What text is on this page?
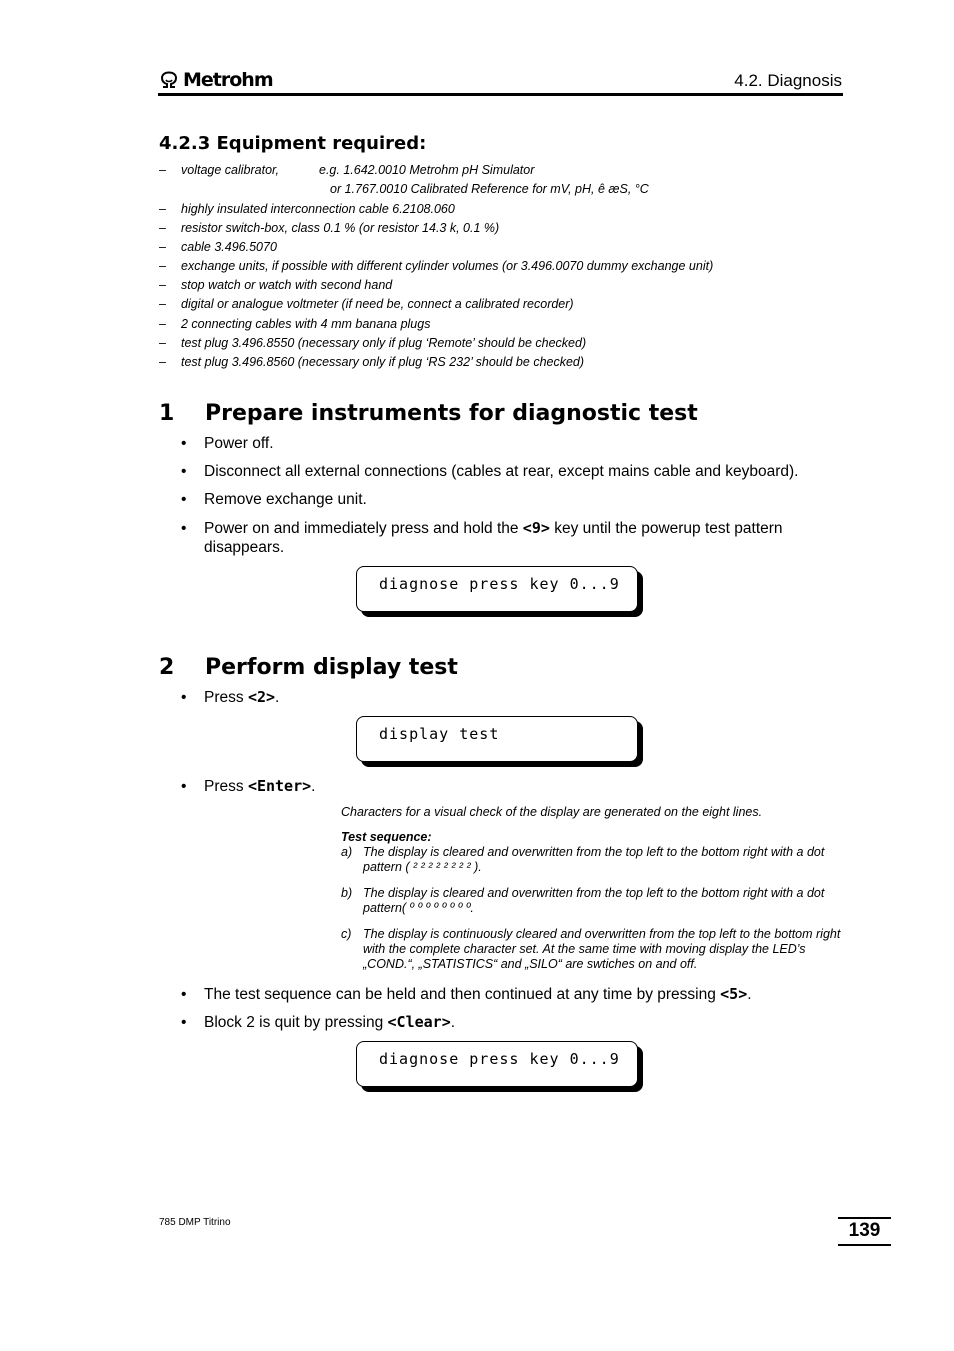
Metrohm	4.2. Diagnosis
4.2.3 Equipment required:
– voltage calibrator,	e.g. 1.642.0010 Metrohm pH Simulator
or 1.767.0010 Calibrated Reference for mV, pH, ê æS, °C
– highly insulated interconnection cable 6.2108.060
– resistor switch-box, class 0.1 % (or resistor 14.3 k, 0.1 %)
– cable 3.496.5070
– exchange units, if possible with different cylinder volumes (or 3.496.0070 dummy exchange unit)
– stop watch or watch with second hand
– digital or analogue voltmeter (if need be, connect a calibrated recorder)
– 2 connecting cables with 4 mm banana plugs
– test plug 3.496.8550 (necessary only if plug ‘Remote’ should be checked)
– test plug 3.496.8560 (necessary only if plug ‘RS 232’ should be checked)
1 Prepare instruments for diagnostic test
• Power off.
• Disconnect all external connections (cables at rear, except mains cable and keyboard).
• Remove exchange unit.
• Power on and immediately press and hold the <9> key until the powerup test pattern disappears.
diagnose press key 0...9
2 Perform display test
• Press <2>.
display test
• Press <Enter>.
Characters for a visual check of the display are generated on the eight lines.
Test sequence:
a) The display is cleared and overwritten from the top left to the bottom right with a dot pattern ( ² ² ² ² ² ² ² ² ).
b) The display is cleared and overwritten from the top left to the bottom right with a dot pattern( º º º º º º º º.
c) The display is continuously cleared and overwritten from the top left to the bottom right with the complete character set. At the same time with moving display the LED’s „COND.“, „STATISTICS“ and „SILO“ are swtiches on and off.
• The test sequence can be held and then continued at any time by pressing <5>.
• Block 2 is quit by pressing <Clear>.
diagnose press key 0...9
785 DMP Titrino	139
